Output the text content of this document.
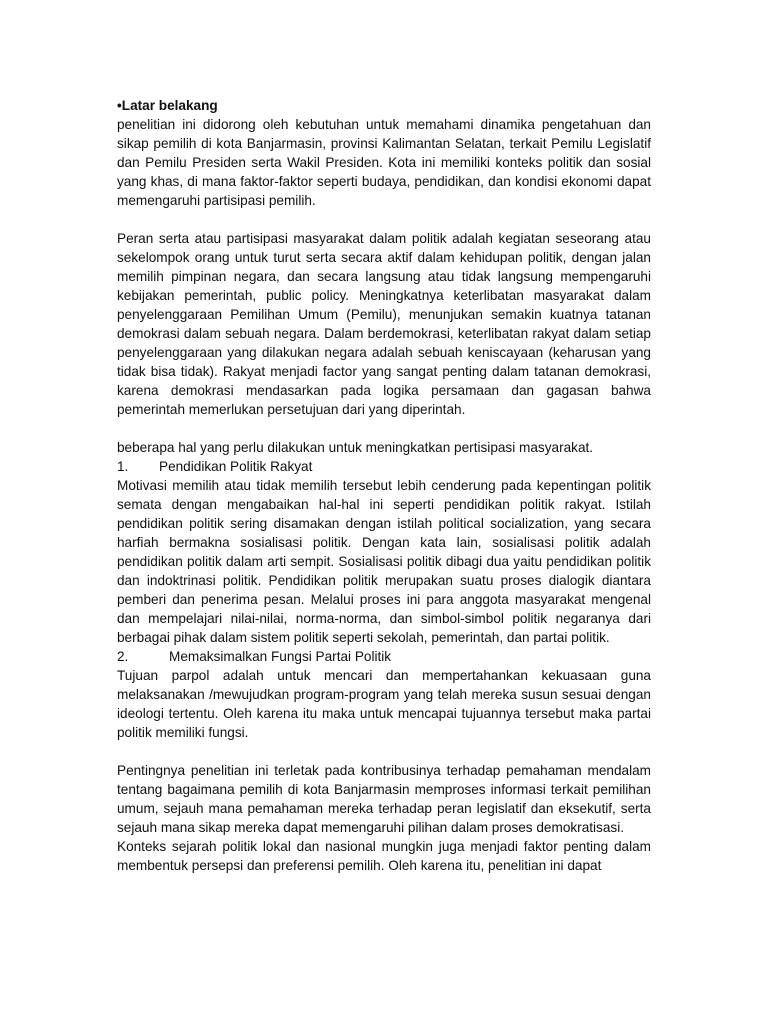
•Latar belakang

penelitian ini didorong oleh kebutuhan untuk memahami dinamika pengetahuan dan sikap pemilih di kota Banjarmasin, provinsi Kalimantan Selatan, terkait Pemilu Legislatif dan Pemilu Presiden serta Wakil Presiden. Kota ini memiliki konteks politik dan sosial yang khas, di mana faktor-faktor seperti budaya, pendidikan, dan kondisi ekonomi dapat memengaruhi partisipasi pemilih.

Peran serta atau partisipasi masyarakat dalam politik adalah kegiatan seseorang atau sekelompok orang untuk turut serta secara aktif dalam kehidupan politik, dengan jalan memilih pimpinan negara, dan secara langsung atau tidak langsung mempengaruhi kebijakan pemerintah, public policy. Meningkatnya keterlibatan masyarakat dalam penyelenggaraan Pemilihan Umum (Pemilu), menunjukan semakin kuatnya tatanan demokrasi dalam sebuah negara. Dalam berdemokrasi, keterlibatan rakyat dalam setiap penyelenggaraan yang dilakukan negara adalah sebuah keniscayaan (keharusan yang tidak bisa tidak). Rakyat menjadi factor yang sangat penting dalam tatanan demokrasi, karena demokrasi mendasarkan pada logika persamaan dan gagasan bahwa pemerintah memerlukan persetujuan dari yang diperintah.

beberapa hal yang perlu dilakukan untuk meningkatkan pertisipasi masyarakat.

1.	Pendidikan Politik Rakyat

Motivasi memilih atau tidak memilih tersebut lebih cenderung pada kepentingan politik semata dengan mengabaikan hal-hal ini seperti pendidikan politik rakyat. Istilah pendidikan politik sering disamakan dengan istilah political socialization, yang secara harfiah bermakna sosialisasi politik. Dengan kata lain, sosialisasi politik adalah pendidikan politik dalam arti sempit. Sosialisasi politik dibagi dua yaitu pendidikan politik dan indoktrinasi politik. Pendidikan politik merupakan suatu proses dialogik diantara pemberi dan penerima pesan. Melalui proses ini para anggota masyarakat mengenal dan mempelajari nilai-nilai, norma-norma, dan simbol-simbol politik negaranya dari berbagai pihak dalam sistem politik seperti sekolah, pemerintah, dan partai politik.

2.	Memaksimalkan Fungsi Partai Politik

Tujuan parpol adalah untuk mencari dan mempertahankan kekuasaan guna melaksanakan /mewujudkan program-program yang telah mereka susun sesuai dengan ideologi tertentu. Oleh karena itu maka untuk mencapai tujuannya tersebut maka partai politik memiliki fungsi.

Pentingnya penelitian ini terletak pada kontribusinya terhadap pemahaman mendalam tentang bagaimana pemilih di kota Banjarmasin memproses informasi terkait pemilihan umum, sejauh mana pemahaman mereka terhadap peran legislatif dan eksekutif, serta sejauh mana sikap mereka dapat memengaruhi pilihan dalam proses demokratisasi.

Konteks sejarah politik lokal dan nasional mungkin juga menjadi faktor penting dalam membentuk persepsi dan preferensi pemilih. Oleh karena itu, penelitian ini dapat
